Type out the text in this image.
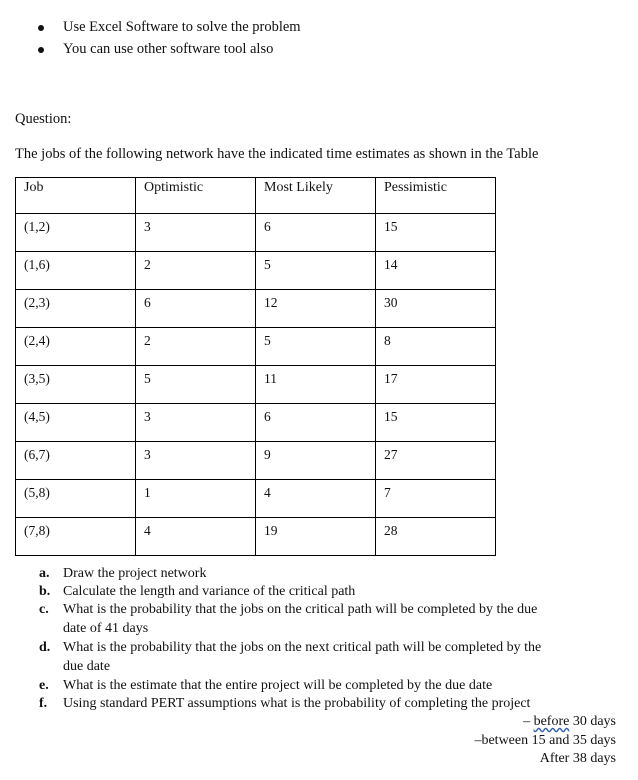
Use Excel Software to solve the problem
You can use other software tool also
Question:
The jobs of the following network have the indicated time estimates as shown in the Table
Job	Optimistic	Most Likely	Pessimistic
(1,2)	3	6	15
(1,6)	2	5	14
(2,3)	6	12	30
(2,4)	2	5	8
(3,5)	5	11	17
(4,5)	3	6	15
(6,7)	3	9	27
(5,8)	1	4	7
(7,8)	4	19	28
a. Draw the project network
b. Calculate the length and variance of the critical path
c. What is the probability that the jobs on the critical path will be completed by the due
date of 41 days
d. What is the probability that the jobs on the next critical path will be completed by the
due date
e. What is the estimate that the entire project will be completed by the due date
f. Using standard PERT assumptions what is the probability of completing the project
– before 30 days
–between 15 and 35 days
After 38 days
